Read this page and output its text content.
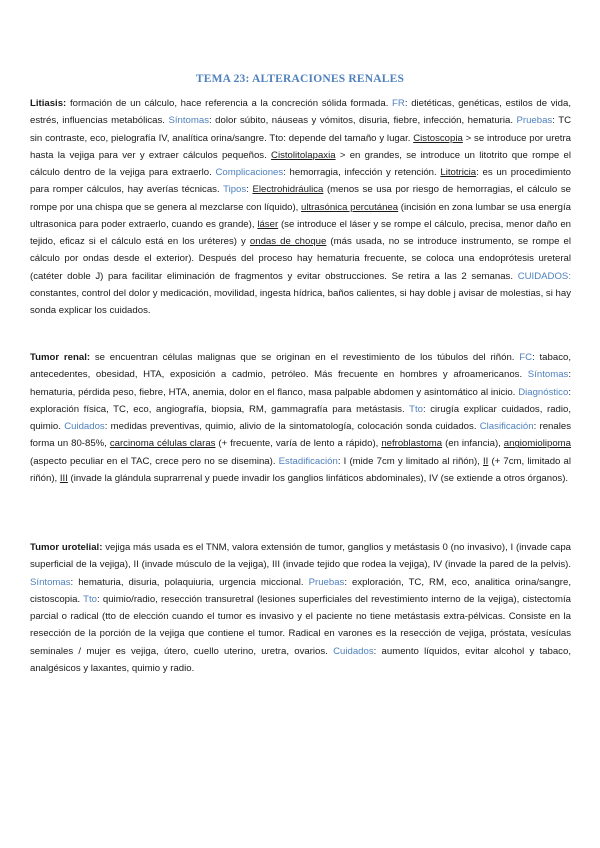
TEMA 23: ALTERACIONES RENALES

Litiasis: formación de un cálculo, hace referencia a la concreción sólida formada. FR: dietéticas, genéticas, estilos de vida, estrés, influencias metabólicas. Síntomas: dolor súbito, náuseas y vómitos, disuria, fiebre, infección, hematuria. Pruebas: TC sin contraste, eco, pielografía IV, analítica orina/sangre. Tto: depende del tamaño y lugar. Cistoscopia > se introduce por uretra hasta la vejiga para ver y extraer cálculos pequeños. Cistolitolapaxia > en grandes, se introduce un litotrito que rompe el cálculo dentro de la vejiga para extraerlo. Complicaciones: hemorragia, infección y retención. Litotricia: es un procedimiento para romper cálculos, hay averías técnicas. Tipos: Electrohidráulica (menos se usa por riesgo de hemorragias, el cálculo se rompe por una chispa que se genera al mezclarse con líquido), ultrasónica percutánea (incisión en zona lumbar se usa energía ultrasonica para poder extraerlo, cuando es grande), láser (se introduce el láser y se rompe el cálculo, precisa, menor daño en tejido, eficaz si el cálculo está en los uréteres) y ondas de choque (más usada, no se introduce instrumento, se rompe el cálculo por ondas desde el exterior). Después del proceso hay hematuria frecuente, se coloca una endoprótesis ureteral (catéter doble J) para facilitar eliminación de fragmentos y evitar obstrucciones. Se retira a las 2 semanas. CUIDADOS: constantes, control del dolor y medicación, movilidad, ingesta hídrica, baños calientes, si hay doble j avisar de molestias, si hay sonda explicar los cuidados.

Tumor renal: se encuentran células malignas que se originan en el revestimiento de los túbulos del riñón. FC: tabaco, antecedentes, obesidad, HTA, exposición a cadmio, petróleo. Más frecuente en hombres y afroamericanos. Síntomas: hematuria, pérdida peso, fiebre, HTA, anemia, dolor en el flanco, masa palpable abdomen y asintomático al inicio. Diagnóstico: exploración física, TC, eco, angiografía, biopsia, RM, gammagrafía para metástasis. Tto: cirugía explicar cuidados, radio, quimio. Cuidados: medidas preventivas, quimio, alivio de la sintomatología, colocación sonda cuidados. Clasificación: renales forma un 80-85%, carcinoma células claras (+ frecuente, varía de lento a rápido), nefroblastoma (en infancia), angiomiolipoma (aspecto peculiar en el TAC, crece pero no se disemina). Estadificación: I (mide 7cm y limitado al riñón), II (+ 7cm, limitado al riñón), III (invade la glándula suprarrenal y puede invadir los ganglios linfáticos abdominales), IV (se extiende a otros órganos).

Tumor urotelial: vejiga más usada es el TNM, valora extensión de tumor, ganglios y metástasis 0 (no invasivo), I (invade capa superficial de la vejiga), II (invade músculo de la vejiga), III (invade tejido que rodea la vejiga), IV (invade la pared de la pelvis). Síntomas: hematuria, disuria, polaquiuria, urgencia miccional. Pruebas: exploración, TC, RM, eco, analitica orina/sangre, cistoscopia. Tto: quimio/radio, resección transuretral (lesiones superficiales del revestimiento interno de la vejiga), cistectomía parcial o radical (tto de elección cuando el tumor es invasivo y el paciente no tiene metástasis extra-pélvicas. Consiste en la resección de la porción de la vejiga que contiene el tumor. Radical en varones es la resección de vejiga, próstata, vesículas seminales / mujer es vejiga, útero, cuello uterino, uretra, ovarios. Cuidados: aumento líquidos, evitar alcohol y tabaco, analgésicos y laxantes, quimio y radio.
